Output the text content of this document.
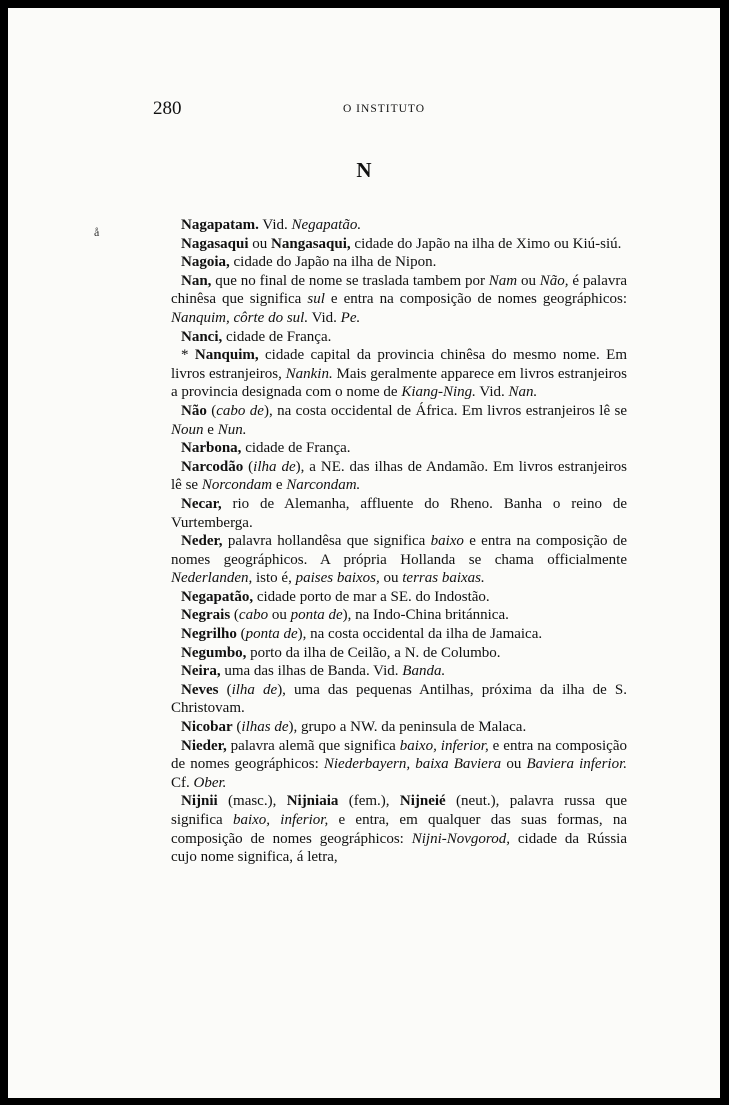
280	O INSTITUTO
N
å	Nagapatam. Vid. Negapatão.

Nagasaqui ou Nangasaqui, cidade do Japão na ilha de Ximo ou Kiú-siú.

Nagoia, cidade do Japão na ilha de Nipon.

Nan, que no final de nome se traslada tambem por Nam ou Não, é palavra chinêsa que significa sul e entra na composição de nomes geográphicos: Nanquim, côrte do sul. Vid. Pe.

Nanci, cidade de França.

* Nanquim, cidade capital da provincia chinêsa do mesmo nome. Em livros estranjeiros, Nankin. Mais geralmente apparece em livros estranjeiros a provincia designada com o nome de Kiang-Ning. Vid. Nan.

Não (cabo de), na costa occidental de África. Em livros estranjeiros lê se Noun e Nun.

Narbona, cidade de França.

Narcodão (ilha de), a NE. das ilhas de Andamão. Em livros estranjeiros lê se Norcondam e Narcondam.

Necar, rio de Alemanha, affluente do Rheno. Banha o reino de Vurtemberga.

Neder, palavra hollandêsa que significa baixo e entra na composição de nomes geográphicos. A própria Hollanda se chama officialmente Nederlanden, isto é, paises baixos, ou terras baixas.

Negapatão, cidade porto de mar a SE. do Indostão.

Negrais (cabo ou ponta de), na Indo-China británnica.

Negrilho (ponta de), na costa occidental da ilha de Jamaica.

Negumbo, porto da ilha de Ceilão, a N. de Columbo.

Neira, uma das ilhas de Banda. Vid. Banda.

Neves (ilha de), uma das pequenas Antilhas, próxima da ilha de S. Christovam.

Nicobar (ilhas de), grupo a NW. da peninsula de Malaca.

Nieder, palavra alemã que significa baixo, inferior, e entra na composição de nomes geográphicos: Niederbayern, baixa Baviera ou Baviera inferior. Cf. Ober.

Nijnii (masc.), Nijniaia (fem.), Nijneié (neut.), palavra russa que significa baixo, inferior, e entra, em qualquer das suas formas, na composição de nomes geográphicos: Nijni-Novgorod, cidade da Rússia cujo nome significa, á letra,
